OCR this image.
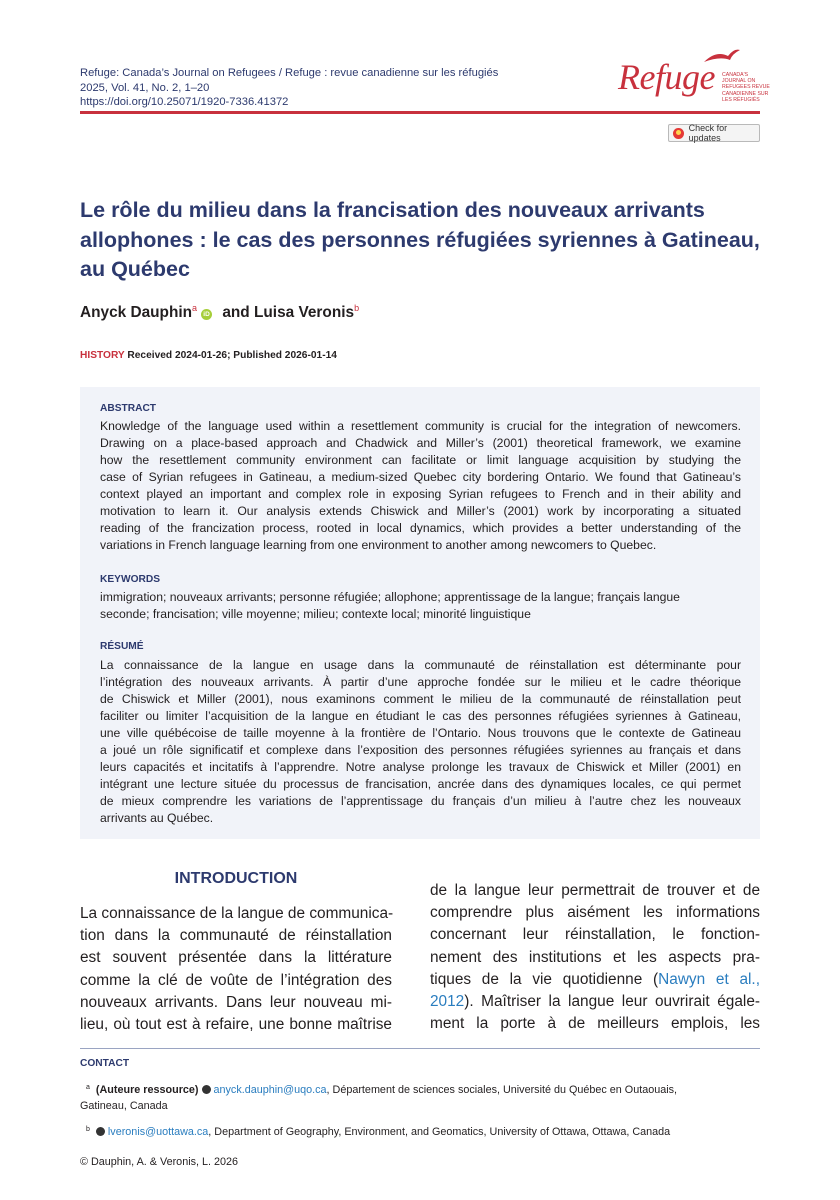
Refuge: Canada’s Journal on Refugees / Refuge : revue canadienne sur les réfugiés
2025, Vol. 41, No. 2, 1–20
https://doi.org/10.25071/1920-7336.41372
Refuge CANADA'S JOURNAL ON REFUGEES REVUE CANADIENNE SUR LES RÉFUGIÉS
Check for updates
Le rôle du milieu dans la francisation des nouveaux arrivants allophones : le cas des personnes réfugiées syriennes à Gatineau, au Québec
Anyck Dauphin$^a$iD and Luisa Veronis$^b$
HISTORY Received 2024-01-26; Published 2026-01-14
ABSTRACT
Knowledge of the language used within a resettlement community is crucial for the integration of newcomers.
Drawing on a place-based approach and Chadwick and Miller’s (2001) theoretical framework, we examine
how the resettlement community environment can facilitate or limit language acquisition by studying the
case of Syrian refugees in Gatineau, a medium-sized Quebec city bordering Ontario. We found that Gatineau’s
context played an important and complex role in exposing Syrian refugees to French and in their ability and
motivation to learn it. Our analysis extends Chiswick and Miller’s (2001) work by incorporating a situated
reading of the francization process, rooted in local dynamics, which provides a better understanding of the
variations in French language learning from one environment to another among newcomers to Quebec.
KEYWORDS
immigration; nouveaux arrivants; personne réfugiée; allophone; apprentissage de la langue; français langue
seconde; francisation; ville moyenne; milieu; contexte local; minorité linguistique
RÉSUMÉ
La connaissance de la langue en usage dans la communauté de réinstallation est déterminante pour
l’intégration des nouveaux arrivants. À partir d’une approche fondée sur le milieu et le cadre théorique
de Chiswick et Miller (2001), nous examinons comment le milieu de la communauté de réinstallation peut
faciliter ou limiter l’acquisition de la langue en étudiant le cas des personnes réfugiées syriennes à Gatineau,
une ville québécoise de taille moyenne à la frontière de l’Ontario. Nous trouvons que le contexte de Gatineau
a joué un rôle significatif et complexe dans l’exposition des personnes réfugiées syriennes au français et dans
leurs capacités et incitatifs à l’apprendre. Notre analyse prolonge les travaux de Chiswick et Miller (2001) en
intégrant une lecture située du processus de francisation, ancrée dans des dynamiques locales, ce qui permet
de mieux comprendre les variations de l’apprentissage du français d’un milieu à l’autre chez les nouveaux
arrivants au Québec.
INTRODUCTION
La connaissance de la langue de communica-
tion dans la communauté de réinstallation
est souvent présentée dans la littérature
comme la clé de voûte de l’intégration des
nouveaux arrivants. Dans leur nouveau mi-
lieu, où tout est à refaire, une bonne maîtrise
de la langue leur permettrait de trouver et de
comprendre plus aisément les informations
concernant leur réinstallation, le fonction-
nement des institutions et les aspects pra-
tiques de la vie quotidienne (Nawyn et al.,
2012). Maîtriser la langue leur ouvrirait égale-
ment la porte à de meilleurs emplois, les
CONTACT
$^a$ (Auteure ressource) anyck.dauphin@uqo.ca, Département de sciences sociales, Université du Québec en Outaouais,
Gatineau, Canada
$^b$ lveronis@uottawa.ca, Department of Geography, Environment, and Geomatics, University of Ottawa, Ottawa, Canada
© Dauphin, A. & Veronis, L. 2026
